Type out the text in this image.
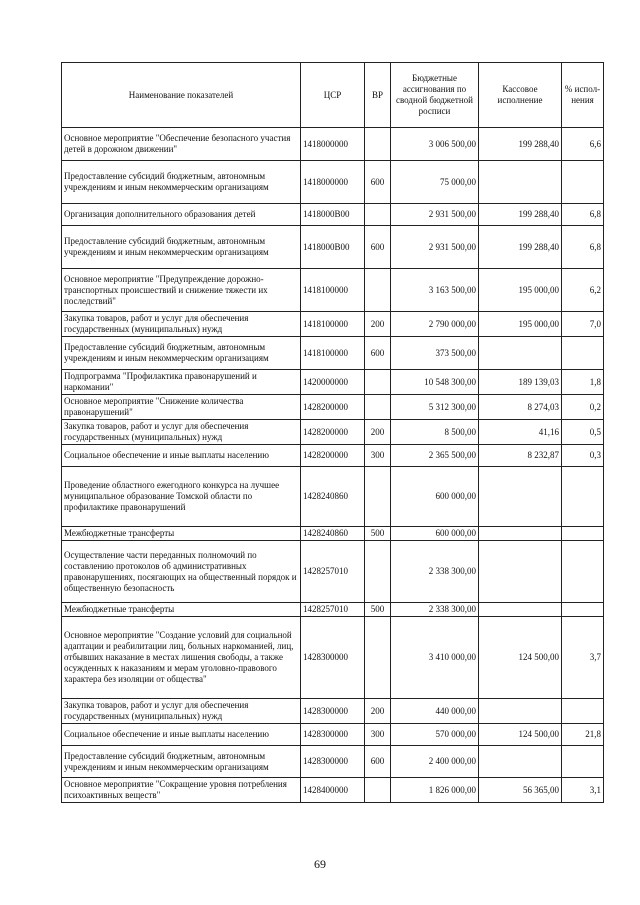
Наименование показателей	ЦСР	ВР	Бюджетные ассигнования по сводной бюджетной росписи	Кассовое исполнение	% испол-нения
Основное мероприятие "Обеспечение безопасного участия детей в дорожном движении"	1418000000		3 006 500,00	199 288,40	6,6
Предоставление субсидий бюджетным, автономным учреждениям и иным некоммерческим организациям	1418000000	600	75 000,00		
Организация дополнительного образования детей	1418000В00		2 931 500,00	199 288,40	6,8
Предоставление субсидий бюджетным, автономным учреждениям и иным некоммерческим организациям	1418000В00	600	2 931 500,00	199 288,40	6,8
Основное мероприятие "Предупреждение дорожно-транспортных происшествий и снижение тяжести их последствий"	1418100000		3 163 500,00	195 000,00	6,2
Закупка товаров, работ и услуг для обеспечения государственных (муниципальных) нужд	1418100000	200	2 790 000,00	195 000,00	7,0
Предоставление субсидий бюджетным, автономным учреждениям и иным некоммерческим организациям	1418100000	600	373 500,00		
Подпрограмма "Профилактика правонарушений и наркомании"	1420000000		10 548 300,00	189 139,03	1,8
Основное мероприятие "Снижение количества правонарушений"	1428200000		5 312 300,00	8 274,03	0,2
Закупка товаров, работ и услуг для обеспечения государственных (муниципальных) нужд	1428200000	200	8 500,00	41,16	0,5
Социальное обеспечение и иные выплаты населению	1428200000	300	2 365 500,00	8 232,87	0,3
Проведение областного ежегодного конкурса на лучшее муниципальное образование Томской области по профилактике правонарушений	1428240860		600 000,00		
Межбюджетные трансферты	1428240860	500	600 000,00		
Осуществление части переданных полномочий по составлению протоколов об административных правонарушениях, посягающих на общественный порядок и общественную безопасность	1428257010		2 338 300,00		
Межбюджетные трансферты	1428257010	500	2 338 300,00		
Основное мероприятие "Создание условий для социальной адаптации и реабилитации лиц, больных наркоманией, лиц, отбывших наказание в местах лишения свободы, а также осужденных к наказаниям и мерам уголовно-правового характера без изоляции от общества"	1428300000		3 410 000,00	124 500,00	3,7
Закупка товаров, работ и услуг для обеспечения государственных (муниципальных) нужд	1428300000	200	440 000,00		
Социальное обеспечение и иные выплаты населению	1428300000	300	570 000,00	124 500,00	21,8
Предоставление субсидий бюджетным, автономным учреждениям и иным некоммерческим организациям	1428300000	600	2 400 000,00		
Основное мероприятие "Сокращение уровня потребления психоактивных веществ"	1428400000		1 826 000,00	56 365,00	3,1
69
